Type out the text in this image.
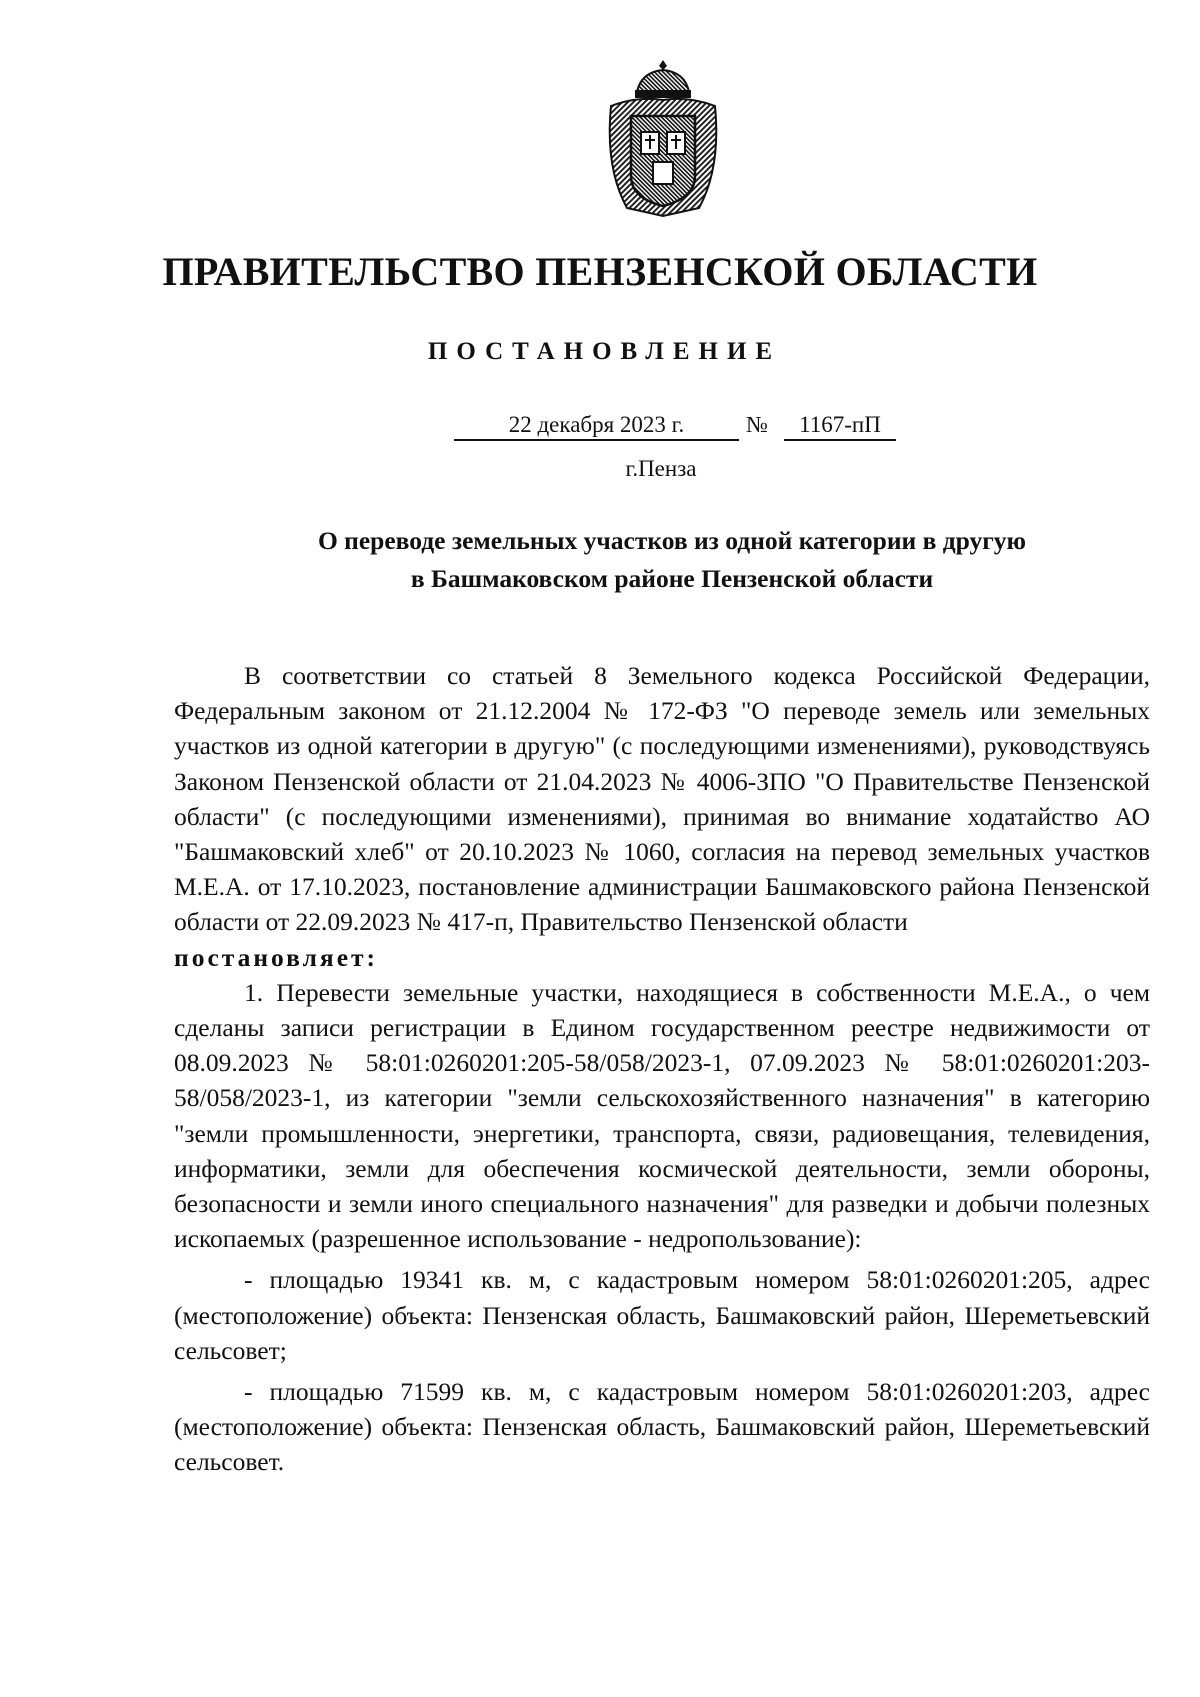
ПРАВИТЕЛЬСТВО ПЕНЗЕНСКОЙ ОБЛАСТИ
ПОСТАНОВЛЕНИЕ
22 декабря 2023 г.	№	1167-пП
г.Пенза
О переводе земельных участков из одной категории в другую
в Башмаковском районе Пензенской области

В соответствии со статьей 8 Земельного кодекса Российской Федерации, Федеральным законом от 21.12.2004 № 172-ФЗ "О переводе земель или земельных участков из одной категории в другую" (с последующими изменениями), руководствуясь Законом Пензенской области от 21.04.2023 № 4006-ЗПО "О Правительстве Пензенской области" (с последующими изменениями), принимая во внимание ходатайство АО "Башмаковский хлеб" от 20.10.2023 № 1060, согласия на перевод земельных участков М.Е.А. от 17.10.2023, постановление администрации Башмаковского района Пензенской области от 22.09.2023 № 417-п, Правительство Пензенской области

постановляет:

1. Перевести земельные участки, находящиеся в собственности М.Е.А., о чем сделаны записи регистрации в Едином государственном реестре недвижимости от 08.09.2023 № 58:01:0260201:205-58/058/2023-1, 07.09.2023 № 58:01:0260201:203-58/058/2023-1, из категории "земли сельскохозяйственного назначения" в категорию "земли промышленности, энергетики, транспорта, связи, радиовещания, телевидения, информатики, земли для обеспечения космической деятельности, земли обороны, безопасности и земли иного специального назначения" для разведки и добычи полезных ископаемых (разрешенное использование - недропользование):

- площадью 19341 кв. м, с кадастровым номером 58:01:0260201:205, адрес (местоположение) объекта: Пензенская область, Башмаковский район, Шереметьевский сельсовет;

- площадью 71599 кв. м, с кадастровым номером 58:01:0260201:203, адрес (местоположение) объекта: Пензенская область, Башмаковский район, Шереметьевский сельсовет.
